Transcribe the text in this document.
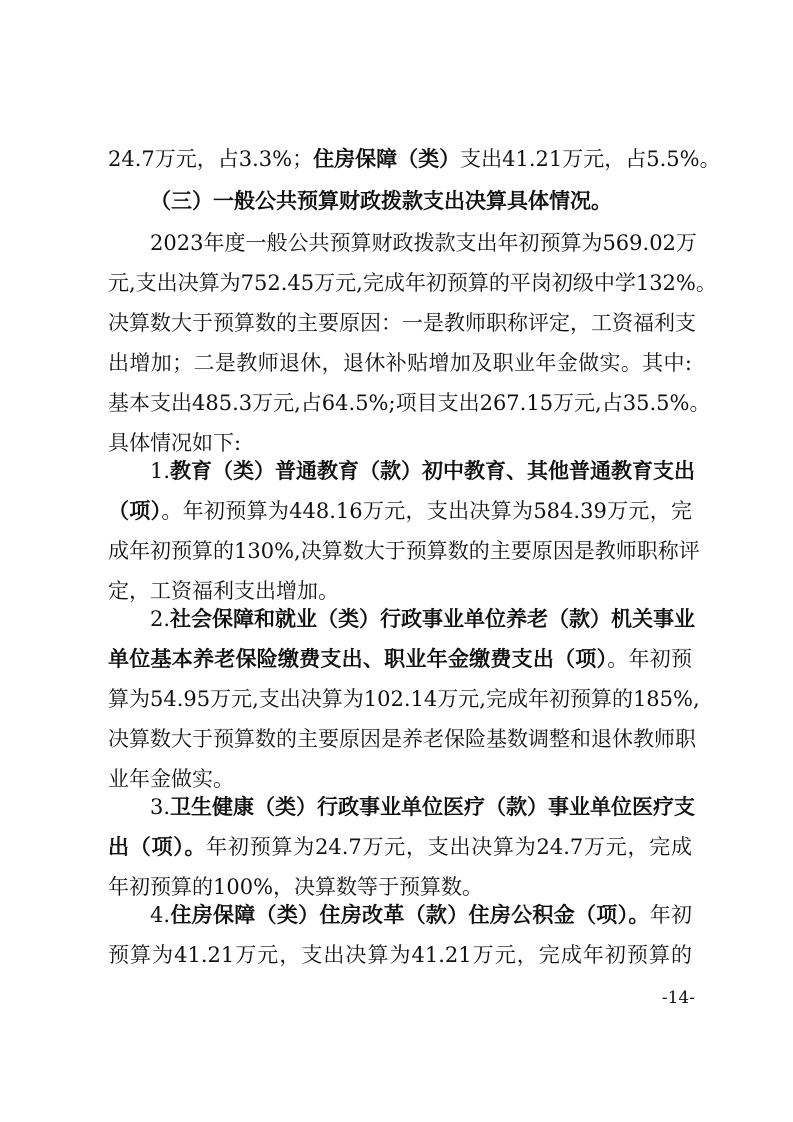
24.7万元，占3.3%；住房保障（类）支出41.21万元，占5.5%。
（三）一般公共预算财政拨款支出决算具体情况。
2023年度一般公共预算财政拨款支出年初预算为569.02万
元,支出决算为752.45万元,完成年初预算的平岗初级中学132%。
决算数大于预算数的主要原因：一是教师职称评定，工资福利支
出增加；二是教师退休，退休补贴增加及职业年金做实。其中:
基本支出485.3万元,占64.5%;项目支出267.15万元,占35.5%。
具体情况如下:
1.教育（类）普通教育（款）初中教育、其他普通教育支出
（项）。年初预算为448.16万元，支出决算为584.39万元，完
成年初预算的130%,决算数大于预算数的主要原因是教师职称评
定，工资福利支出增加。
2.社会保障和就业（类）行政事业单位养老（款）机关事业
单位基本养老保险缴费支出、职业年金缴费支出（项）。年初预
算为54.95万元,支出决算为102.14万元,完成年初预算的185%,
决算数大于预算数的主要原因是养老保险基数调整和退休教师职
业年金做实。
3.卫生健康（类）行政事业单位医疗（款）事业单位医疗支
出（项）。年初预算为24.7万元，支出决算为24.7万元，完成
年初预算的100%，决算数等于预算数。
4.住房保障（类）住房改革（款）住房公积金（项）。年初
预算为41.21万元，支出决算为41.21万元，完成年初预算的
-14-
